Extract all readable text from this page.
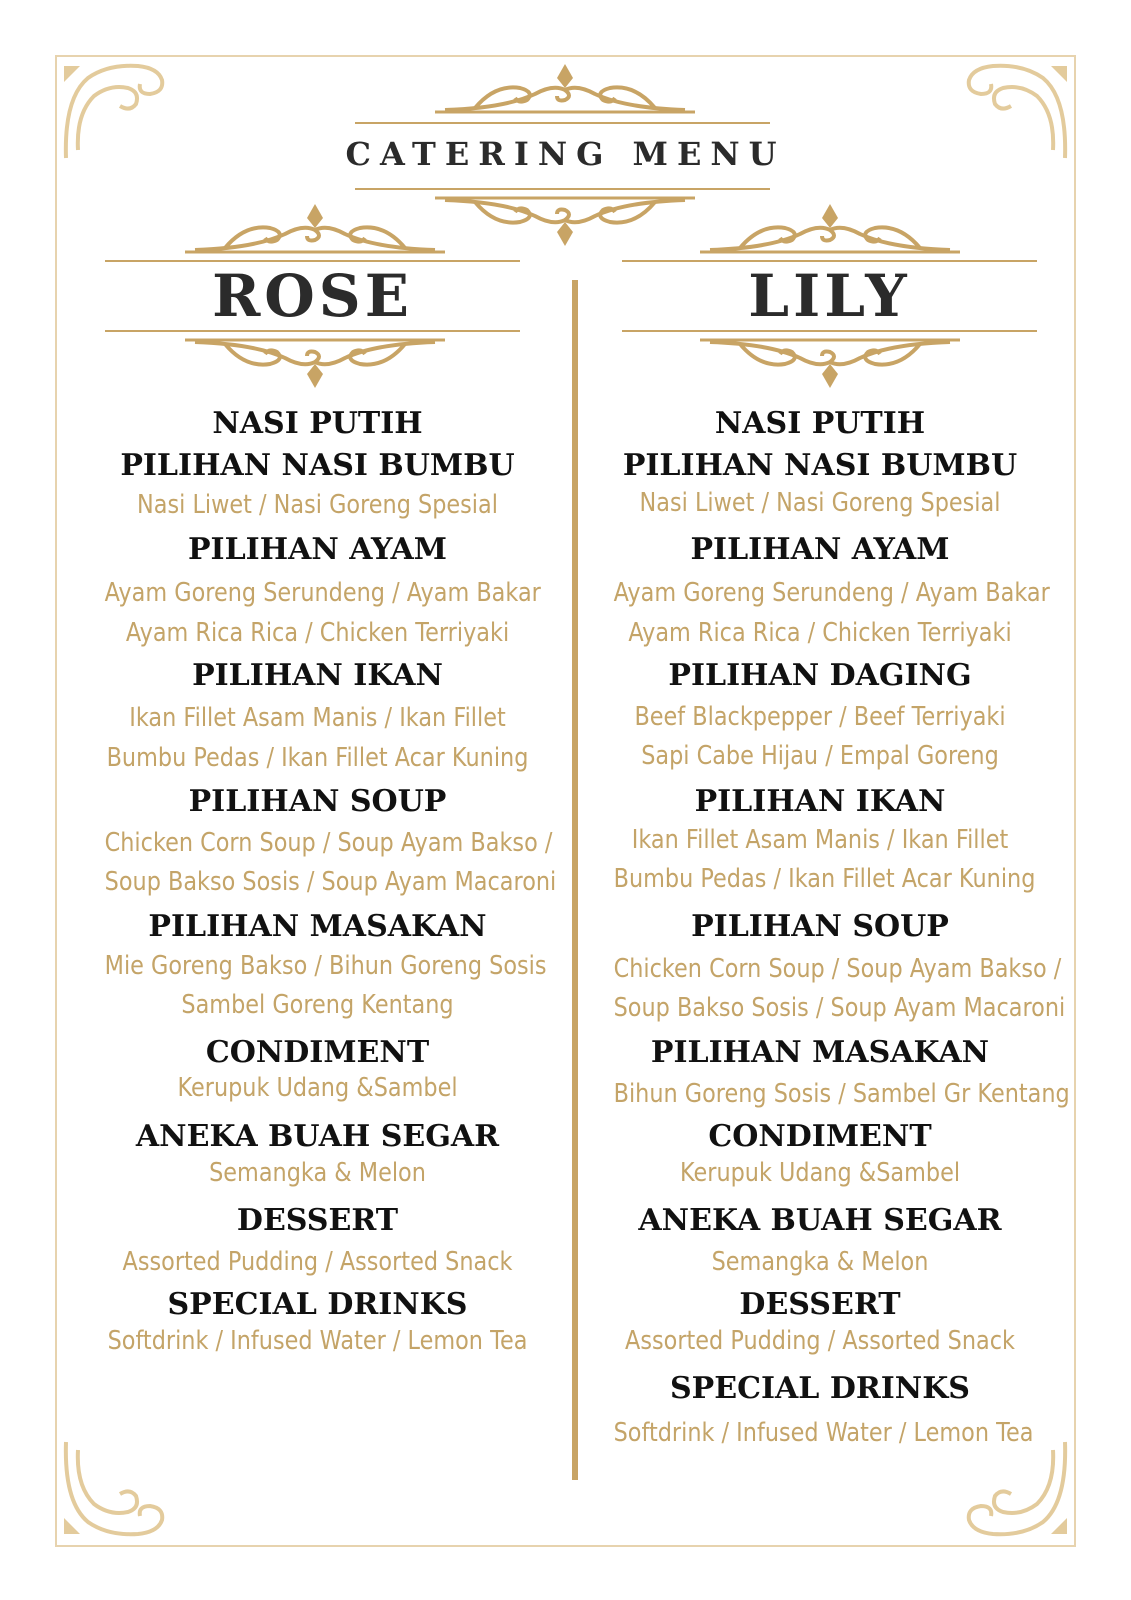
CATERING MENU
ROSE	LILY
NASI PUTIH
PILIHAN NASI BUMBU
Nasi Liwet / Nasi Goreng Spesial
PILIHAN AYAM
Ayam Goreng Serundeng / Ayam Bakar
Ayam Rica Rica / Chicken Terriyaki
PILIHAN IKAN
Ikan Fillet Asam Manis / Ikan Fillet
Bumbu Pedas / Ikan Fillet Acar Kuning
PILIHAN SOUP
Chicken Corn Soup / Soup Ayam Bakso /
Soup Bakso Sosis / Soup Ayam Macaroni
PILIHAN MASAKAN
Mie Goreng Bakso / Bihun Goreng Sosis
Sambel Goreng Kentang
CONDIMENT
Kerupuk Udang &Sambel
ANEKA BUAH SEGAR
Semangka & Melon
DESSERT
Assorted Pudding / Assorted Snack
SPECIAL DRINKS
Softdrink / Infused Water / Lemon Tea
NASI PUTIH
PILIHAN NASI BUMBU
Nasi Liwet / Nasi Goreng Spesial
PILIHAN AYAM
Ayam Goreng Serundeng / Ayam Bakar
Ayam Rica Rica / Chicken Terriyaki
PILIHAN DAGING
Beef Blackpepper / Beef Terriyaki
Sapi Cabe Hijau / Empal Goreng
PILIHAN IKAN
Ikan Fillet Asam Manis / Ikan Fillet
Bumbu Pedas / Ikan Fillet Acar Kuning
PILIHAN SOUP
Chicken Corn Soup / Soup Ayam Bakso /
Soup Bakso Sosis / Soup Ayam Macaroni
PILIHAN MASAKAN
Bihun Goreng Sosis / Sambel Gr Kentang
CONDIMENT
Kerupuk Udang &Sambel
ANEKA BUAH SEGAR
Semangka & Melon
DESSERT
Assorted Pudding / Assorted Snack
SPECIAL DRINKS
Softdrink / Infused Water / Lemon Tea
